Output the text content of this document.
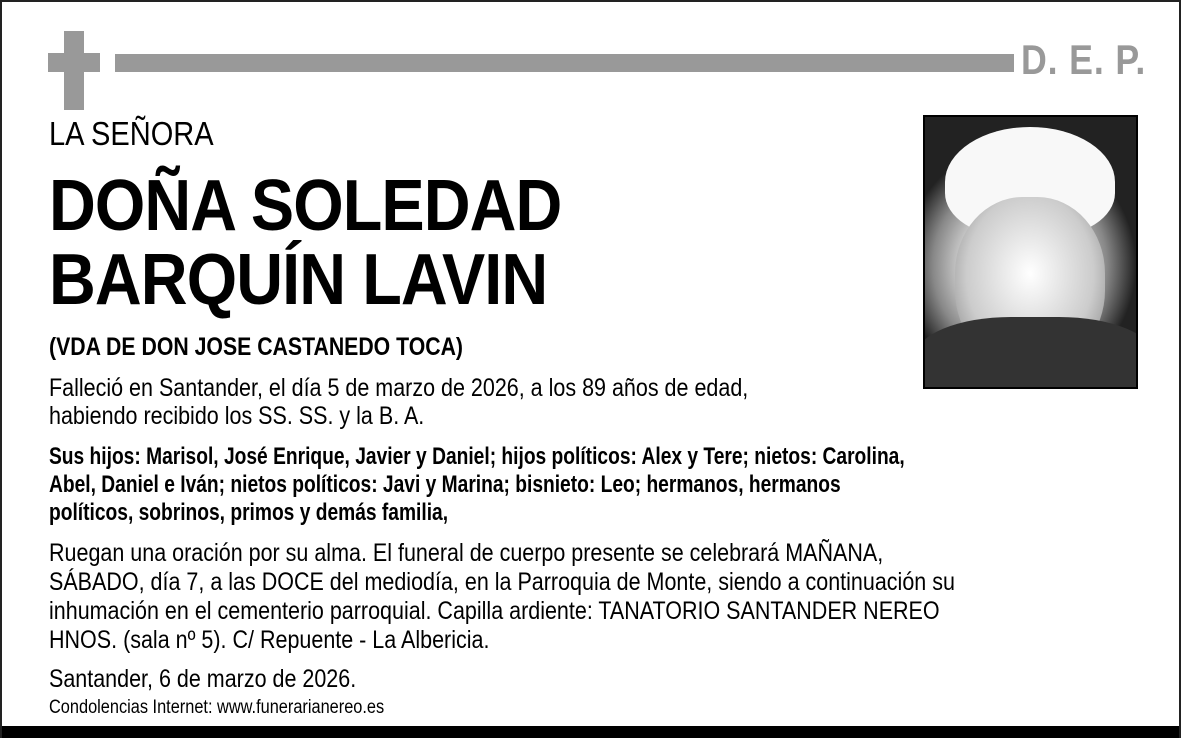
D. E. P.
LA SEÑORA
DOÑA SOLEDAD
BARQUÍN LAVIN
(VDA DE DON JOSE CASTANEDO TOCA)
Falleció en Santander, el día 5 de marzo de 2026, a los 89 años de edad,
habiendo recibido los SS. SS. y la B. A.
Sus hijos: Marisol, José Enrique, Javier y Daniel; hijos políticos: Alex y Tere; nietos: Carolina,
Abel, Daniel e Iván; nietos políticos: Javi y Marina; bisnieto: Leo; hermanos, hermanos
políticos, sobrinos, primos y demás familia,
Ruegan una oración por su alma. El funeral de cuerpo presente se celebrará MAÑANA,
SÁBADO, día 7, a las DOCE del mediodía, en la Parroquia de Monte, siendo a continuación su
inhumación en el cementerio parroquial. Capilla ardiente: TANATORIO SANTANDER NEREO
HNOS. (sala nº 5). C/ Repuente - La Albericia.
Santander, 6 de marzo de 2026.
Condolencias Internet: www.funerarianereo.es
